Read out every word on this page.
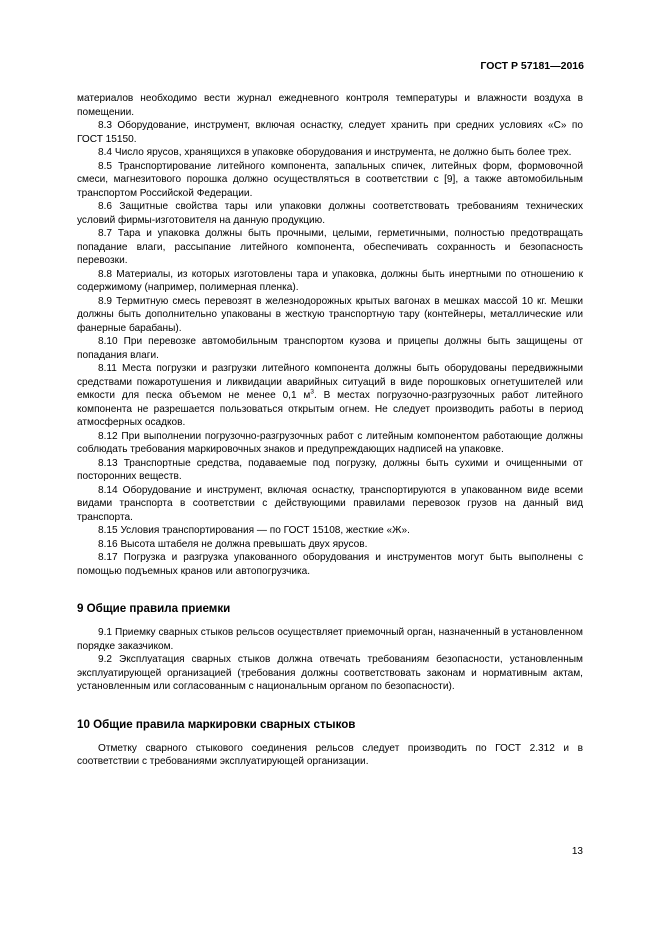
ГОСТ Р 57181—2016

материалов необходимо вести журнал ежедневного контроля температуры и влажности воздуха в помещении.

8.3 Оборудование, инструмент, включая оснастку, следует хранить при средних условиях «С» по ГОСТ 15150.

8.4 Число ярусов, хранящихся в упаковке оборудования и инструмента, не должно быть более трех.

8.5 Транспортирование литейного компонента, запальных спичек, литейных форм, формовочной смеси, магнезитового порошка должно осуществляться в соответствии с [9], а также автомобильным транспортом Российской Федерации.

8.6 Защитные свойства тары или упаковки должны соответствовать требованиям технических условий фирмы-изготовителя на данную продукцию.

8.7 Тара и упаковка должны быть прочными, целыми, герметичными, полностью предотвращать попадание влаги, рассыпание литейного компонента, обеспечивать сохранность и безопасность перевозки.

8.8 Материалы, из которых изготовлены тара и упаковка, должны быть инертными по отношению к содержимому (например, полимерная пленка).

8.9 Термитную смесь перевозят в железнодорожных крытых вагонах в мешках массой 10 кг. Мешки должны быть дополнительно упакованы в жесткую транспортную тару (контейнеры, металлические или фанерные барабаны).

8.10 При перевозке автомобильным транспортом кузова и прицепы должны быть защищены от попадания влаги.

8.11 Места погрузки и разгрузки литейного компонента должны быть оборудованы передвижными средствами пожаротушения и ликвидации аварийных ситуаций в виде порошковых огнетушителей или емкости для песка объемом не менее 0,1 $м^3$. В местах погрузочно-разгрузочных работ литейного компонента не разрешается пользоваться открытым огнем. Не следует производить работы в период атмосферных осадков.

8.12 При выполнении погрузочно-разгрузочных работ с литейным компонентом работающие должны соблюдать требования маркировочных знаков и предупреждающих надписей на упаковке.

8.13 Транспортные средства, подаваемые под погрузку, должны быть сухими и очищенными от посторонних веществ.

8.14 Оборудование и инструмент, включая оснастку, транспортируются в упакованном виде всеми видами транспорта в соответствии с действующими правилами перевозок грузов на данный вид транспорта.

8.15 Условия транспортирования — по ГОСТ 15108, жесткие «Ж».

8.16 Высота штабеля не должна превышать двух ярусов.

8.17 Погрузка и разгрузка упакованного оборудования и инструментов могут быть выполнены с помощью подъемных кранов или автопогрузчика.

9 Общие правила приемки

9.1 Приемку сварных стыков рельсов осуществляет приемочный орган, назначенный в установленном порядке заказчиком.

9.2 Эксплуатация сварных стыков должна отвечать требованиям безопасности, установленным эксплуатирующей организацией (требования должны соответствовать законам и нормативным актам, установленным или согласованным с национальным органом по безопасности).

10 Общие правила маркировки сварных стыков

Отметку сварного стыкового соединения рельсов следует производить по ГОСТ 2.312 и в соответствии с требованиями эксплуатирующей организации.

13
